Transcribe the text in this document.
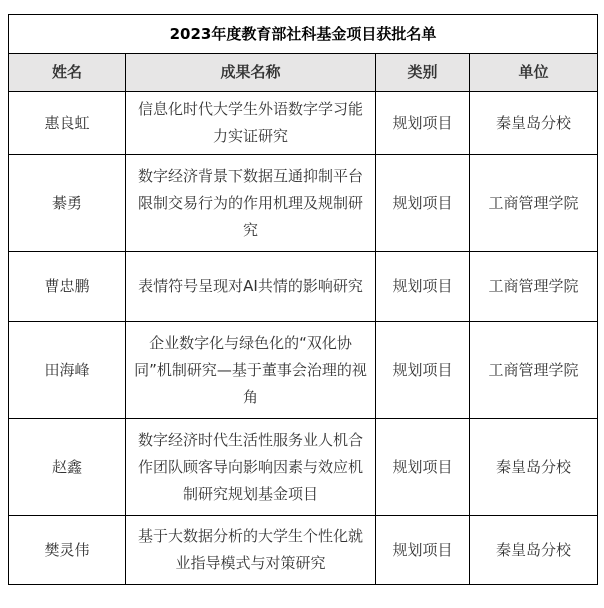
2023年度教育部社科基金项目获批名单			
姓名	成果名称	类别	单位
惠良虹	信息化时代大学生外语数字学习能力实证研究	规划项目	秦皇岛分校
綦勇	数字经济背景下数据互通抑制平台限制交易行为的作用机理及规制研究	规划项目	工商管理学院
曹忠鹏	表情符号呈现对AI共情的影响研究	规划项目	工商管理学院
田海峰	企业数字化与绿色化的“双化协同”机制研究—基于董事会治理的视角	规划项目	工商管理学院
赵鑫	数字经济时代生活性服务业人机合作团队顾客导向影响因素与效应机制研究规划基金项目	规划项目	秦皇岛分校
樊灵伟	基于大数据分析的大学生个性化就业指导模式与对策研究	规划项目	秦皇岛分校
